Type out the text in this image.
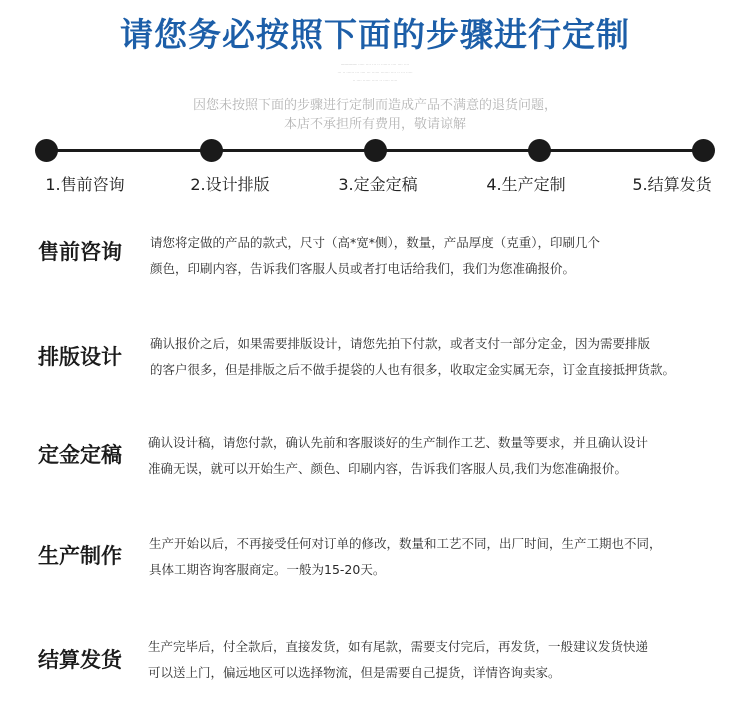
请您务必按照下面的步骤进行定制
———— ····· ···· ··· ·· ······· ···· ···· ····
··· ·· ······ ··· ···· ··· ······ ······· ···· ·· ··· ·····
·· ···· ······ ····· ·· ····· ·····
因您未按照下面的步骤进行定制而造成产品不满意的退货问题，
本店不承担所有费用，敬请谅解
1.售前咨询	2.设计排版	3.定金定稿	4.生产定制	5.结算发货
售前咨询	请您将定做的产品的款式，尺寸（高*宽*侧），数量，产品厚度（克重），印刷几个

颜色，印刷内容，告诉我们客服人员或者打电话给我们，我们为您准确报价。

排版设计

确认报价之后，如果需要排版设计，请您先拍下付款，或者支付一部分定金，因为需要排版

的客户很多，但是排版之后不做手提袋的人也有很多，收取定金实属无奈，订金直接抵押货款。

定金定稿

确认设计稿，请您付款，确认先前和客服谈好的生产制作工艺、数量等要求，并且确认设计

准确无误，就可以开始生产、颜色、印刷内容，告诉我们客服人员,我们为您准确报价。

生产制作

生产开始以后，不再接受任何对订单的修改，数量和工艺不同，出厂时间，生产工期也不同，

具体工期咨询客服商定。一般为15-20天。

结算发货

生产完毕后，付全款后，直接发货，如有尾款，需要支付完后，再发货，一般建议发货快递

可以送上门，偏远地区可以选择物流，但是需要自己提货，详情咨询卖家。
